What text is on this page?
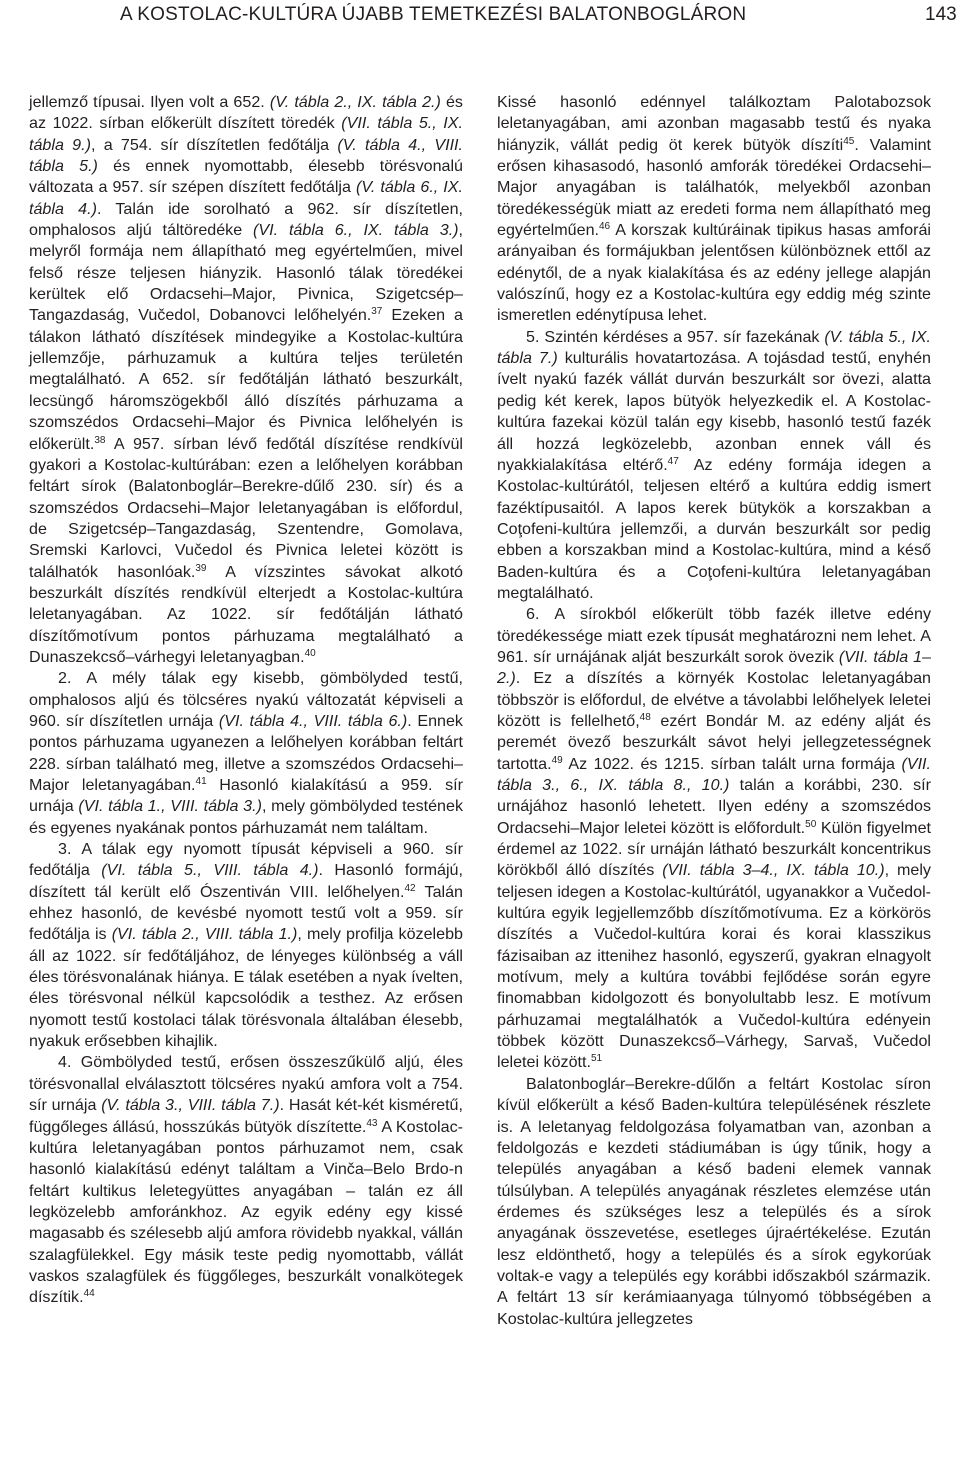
A KOSTOLAC-KULTÚRA ÚJABB TEMETKEZÉSI BALATONBOGLÁRON	143

jellemző típusai. Ilyen volt a 652. (V. tábla 2., IX. tábla 2.) és az 1022. sírban előkerült díszített töredék (VII. tábla 5., IX. tábla 9.), a 754. sír díszítetlen fedőtálja (V. tábla 4., VIII. tábla 5.) és ennek nyomottabb, élesebb törésvonalú változata a 957. sír szépen díszített fedőtálja (V. tábla 6., IX. tábla 4.). Talán ide sorolható a 962. sír díszítetlen, omphalosos aljú táltöredéke (VI. tábla 6., IX. tábla 3.), melyről formája nem állapítható meg egyértelműen, mivel felső része teljesen hiányzik. Hasonló tálak töredékei kerültek elő Ordacsehi–Major, Pivnica, Szigetcsép–Tangazdaság, Vučedol, Dobanovci lelőhelyén.$^{37}$ Ezeken a tálakon látható díszítések mindegyike a Kostolac-kultúra jellemzője, párhuzamuk a kultúra teljes területén megtalálható. A 652. sír fedőtálján látható beszurkált, lecsüngő háromszögekből álló díszítés párhuzama a szomszédos Ordacsehi–Major és Pivnica lelőhelyén is előkerült.$^{38}$ A 957. sírban lévő fedőtál díszítése rendkívül gyakori a Kostolac-kultúrában: ezen a lelőhelyen korábban feltárt sírok (Balatonboglár–Berekre-dűlő 230. sír) és a szomszédos Ordacsehi–Major leletanyagában is előfordul, de Szigetcsép–Tangazdaság, Szentendre, Gomolava, Sremski Karlovci, Vučedol és Pivnica leletei között is találhatók hasonlóak.$^{39}$ A vízszintes sávokat alkotó beszurkált díszítés rendkívül elterjedt a Kostolac-kultúra leletanyagában. Az 1022. sír fedőtálján látható díszítőmotívum pontos párhuzama megtalálható a Dunaszekcső–várhegyi leletanyagban.$^{40}$

2. A mély tálak egy kisebb, gömbölyded testű, omphalosos aljú és tölcséres nyakú változatát képviseli a 960. sír díszítetlen urnája (VI. tábla 4., VIII. tábla 6.). Ennek pontos párhuzama ugyanezen a lelőhelyen korábban feltárt 228. sírban található meg, illetve a szomszédos Ordacsehi–Major leletanyagában.$^{41}$ Hasonló kialakítású a 959. sír urnája (VI. tábla 1., VIII. tábla 3.), mely gömbölyded testének és egyenes nyakának pontos párhuzamát nem találtam.

3. A tálak egy nyomott típusát képviseli a 960. sír fedőtálja (VI. tábla 5., VIII. tábla 4.). Hasonló formájú, díszített tál került elő Ószentiván VIII. lelőhelyen.$^{42}$ Talán ehhez hasonló, de kevésbé nyomott testű volt a 959. sír fedőtálja is (VI. tábla 2., VIII. tábla 1.), mely profilja közelebb áll az 1022. sír fedőtáljához, de lényeges különbség a váll éles törésvonalának hiánya. E tálak esetében a nyak ívelten, éles törésvonal nélkül kapcsolódik a testhez. Az erősen nyomott testű kostolaci tálak törésvonala általában élesebb, nyakuk erősebben kihajlik.

4. Gömbölyded testű, erősen összeszűkülő aljú, éles törésvonallal elválasztott tölcséres nyakú amfora volt a 754. sír urnája (V. tábla 3., VIII. tábla 7.). Hasát két-két kisméretű, függőleges állású, hosszúkás bütyök díszítette.$^{43}$ A Kostolac-kultúra leletanyagában pontos párhuzamot nem, csak hasonló kialakítású edényt találtam a Vinča–Belo Brdo-n feltárt kultikus leletegyüttes anyagában – talán ez áll legközelebb amforánkhoz. Az egyik edény egy kissé magasabb és szélesebb aljú amfora rövidebb nyakkal, vállán szalagfülekkel. Egy másik teste pedig nyomottabb, vállát vaskos szalagfülek és függőleges, beszurkált vonalkötegek díszítik.$^{44}$

Kissé hasonló edénnyel találkoztam Palotabozsok leletanyagában, ami azonban magasabb testű és nyaka hiányzik, vállát pedig öt kerek bütyök díszíti$^{45}$. Valamint erősen kihasasodó, hasonló amforák töredékei Ordacsehi–Major anyagában is találhatók, melyekből azonban töredékességük miatt az eredeti forma nem állapítható meg egyértelműen.$^{46}$ A korszak kultúráinak tipikus hasas amforái arányaiban és formájukban jelentősen különböznek ettől az edénytől, de a nyak kialakítása és az edény jellege alapján valószínű, hogy ez a Kostolac-kultúra egy eddig még szinte ismeretlen edénytípusa lehet.

5. Szintén kérdéses a 957. sír fazekának (V. tábla 5., IX. tábla 7.) kulturális hovatartozása. A tojásdad testű, enyhén ívelt nyakú fazék vállát durván beszurkált sor övezi, alatta pedig két kerek, lapos bütyök helyezkedik el. A Kostolac-kultúra fazekai közül talán egy kisebb, hasonló testű fazék áll hozzá legközelebb, azonban ennek váll és nyakkialakítása eltérő.$^{47}$ Az edény formája idegen a Kostolac-kultúrától, teljesen eltérő a kultúra eddig ismert fazéktípusaitól. A lapos kerek bütykök a korszakban a Coţofeni-kultúra jellemzői, a durván beszurkált sor pedig ebben a korszakban mind a Kostolac-kultúra, mind a késő Baden-kultúra és a Coţofeni-kultúra leletanyagában megtalálható.

6. A sírokból előkerült több fazék illetve edény töredékessége miatt ezek típusát meghatározni nem lehet. A 961. sír urnájának alját beszurkált sorok övezik (VII. tábla 1–2.). Ez a díszítés a környék Kostolac leletanyagában többször is előfordul, de elvétve a távolabbi lelőhelyek leletei között is fellelhető,$^{48}$ ezért Bondár M. az edény alját és peremét övező beszurkált sávot helyi jellegzetességnek tartotta.$^{49}$ Az 1022. és 1215. sírban talált urna formája (VII. tábla 3., 6., IX. tábla 8., 10.) talán a korábbi, 230. sír urnájához hasonló lehetett. Ilyen edény a szomszédos Ordacsehi–Major leletei között is előfordult.$^{50}$ Külön figyelmet érdemel az 1022. sír urnáján látható beszurkált koncentrikus körökből álló díszítés (VII. tábla 3–4., IX. tábla 10.), mely teljesen idegen a Kostolac-kultúrától, ugyanakkor a Vučedol-kultúra egyik legjellemzőbb díszítőmotívuma. Ez a körkörös díszítés a Vučedol-kultúra korai és korai klasszikus fázisaiban az ittenihez hasonló, egyszerű, gyakran elnagyolt motívum, mely a kultúra további fejlődése során egyre finomabban kidolgozott és bonyolultabb lesz. E motívum párhuzamai megtalálhatók a Vučedol-kultúra edényein többek között Dunaszekcső–Várhegy, Sarvaš, Vučedol leletei között.$^{51}$

Balatonboglár–Berekre-dűlőn a feltárt Kostolac síron kívül előkerült a késő Baden-kultúra településének részlete is. A leletanyag feldolgozása folyamatban van, azonban a feldolgozás e kezdeti stádiumában is úgy tűnik, hogy a település anyagában a késő badeni elemek vannak túlsúlyban. A település anyagának részletes elemzése után érdemes és szükséges lesz a település és a sírok anyagának összevetése, esetleges újraértékelése. Ezután lesz eldönthető, hogy a település és a sírok egykorúak voltak-e vagy a település egy korábbi időszakból származik. A feltárt 13 sír kerámiaanyaga túlnyomó többségében a Kostolac-kultúra jellegzetes
